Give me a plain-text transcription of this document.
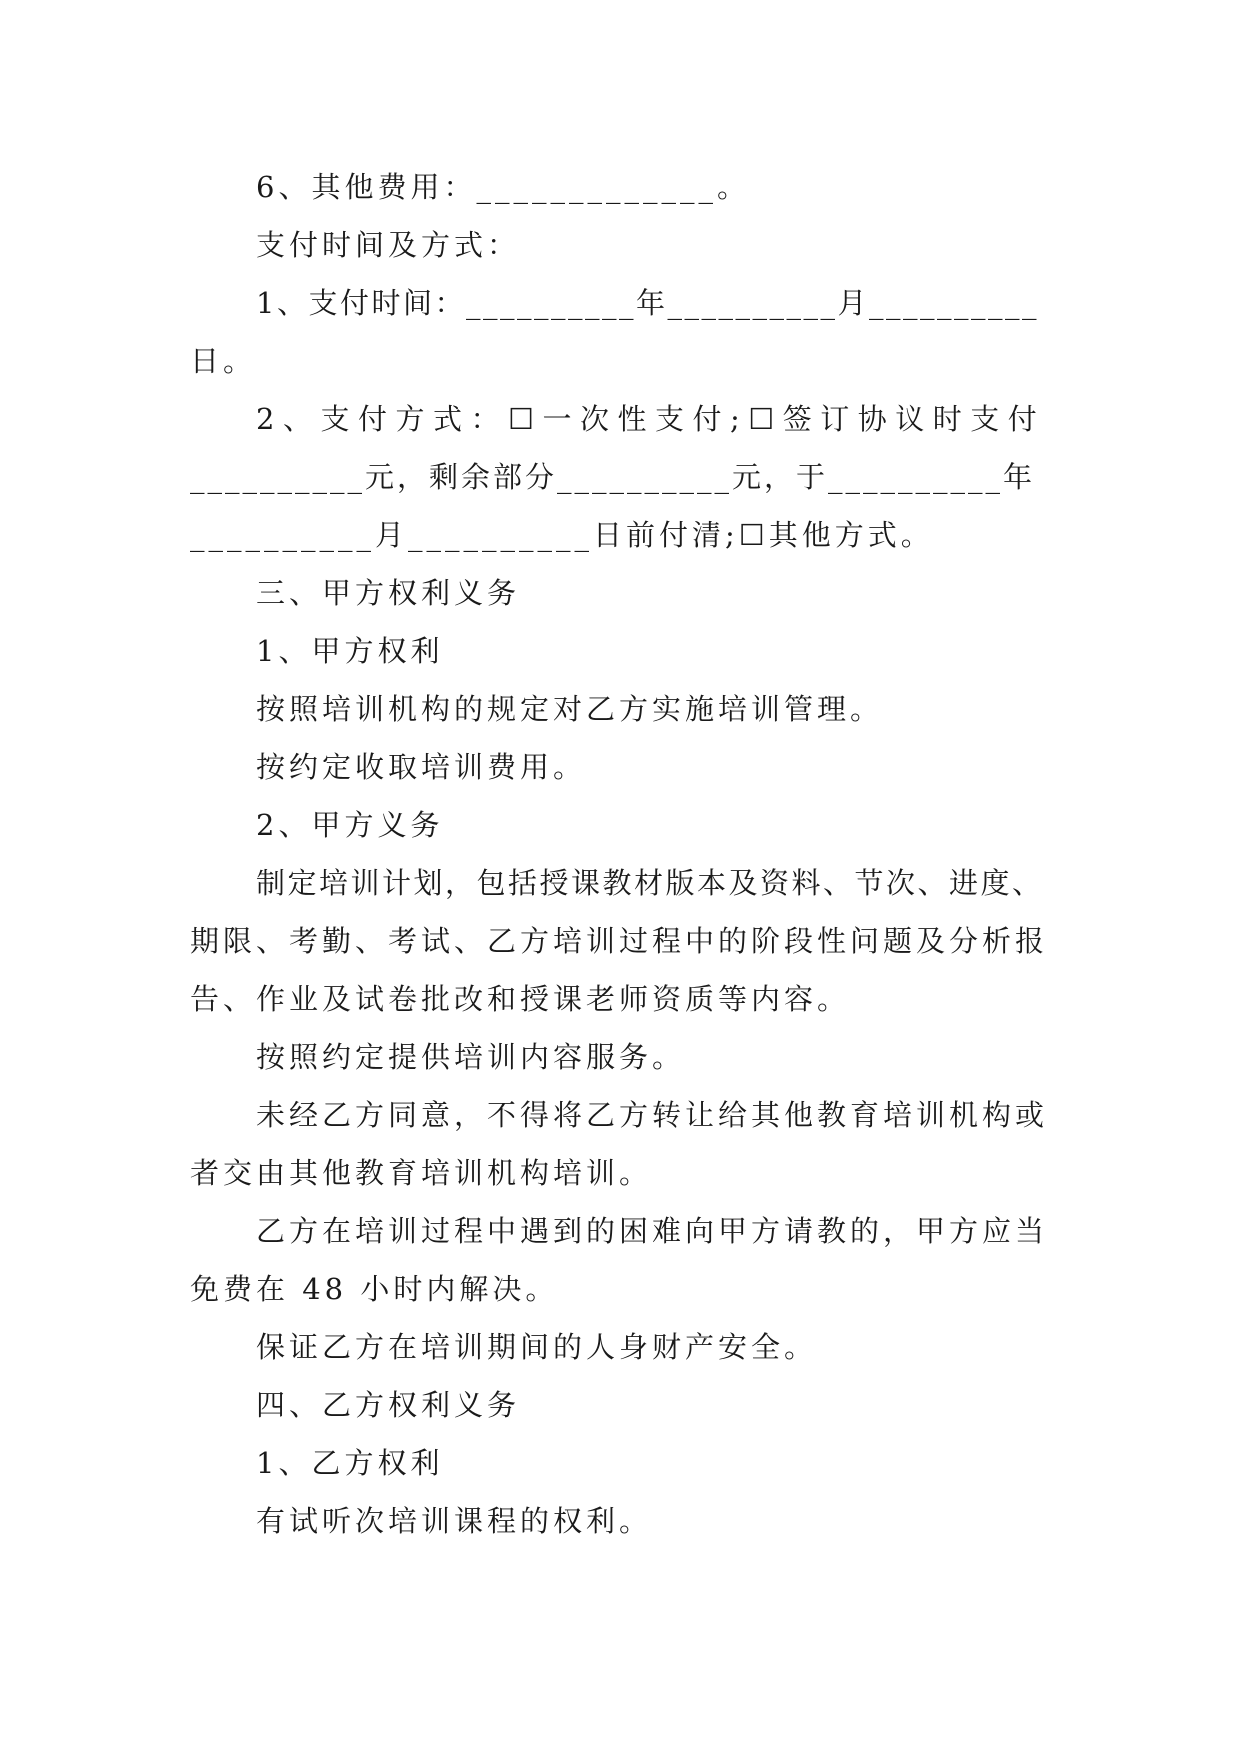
6、其他费用：_____________。
支付时间及方式：
1、支付时间：__________年__________月__________
日。
2、支付方式：☐一次性支付;☐签订协议时支付
__________元，剩余部分__________元，于__________年
__________月__________日前付清;☐其他方式。
三、甲方权利义务
1、甲方权利
按照培训机构的规定对乙方实施培训管理。
按约定收取培训费用。
2、甲方义务
制定培训计划，包括授课教材版本及资料、节次、进度、
期限、考勤、考试、乙方培训过程中的阶段性问题及分析报
告、作业及试卷批改和授课老师资质等内容。
按照约定提供培训内容服务。
未经乙方同意，不得将乙方转让给其他教育培训机构或
者交由其他教育培训机构培训。
乙方在培训过程中遇到的困难向甲方请教的，甲方应当
免费在 48 小时内解决。
保证乙方在培训期间的人身财产安全。
四、乙方权利义务
1、乙方权利
有试听次培训课程的权利。
